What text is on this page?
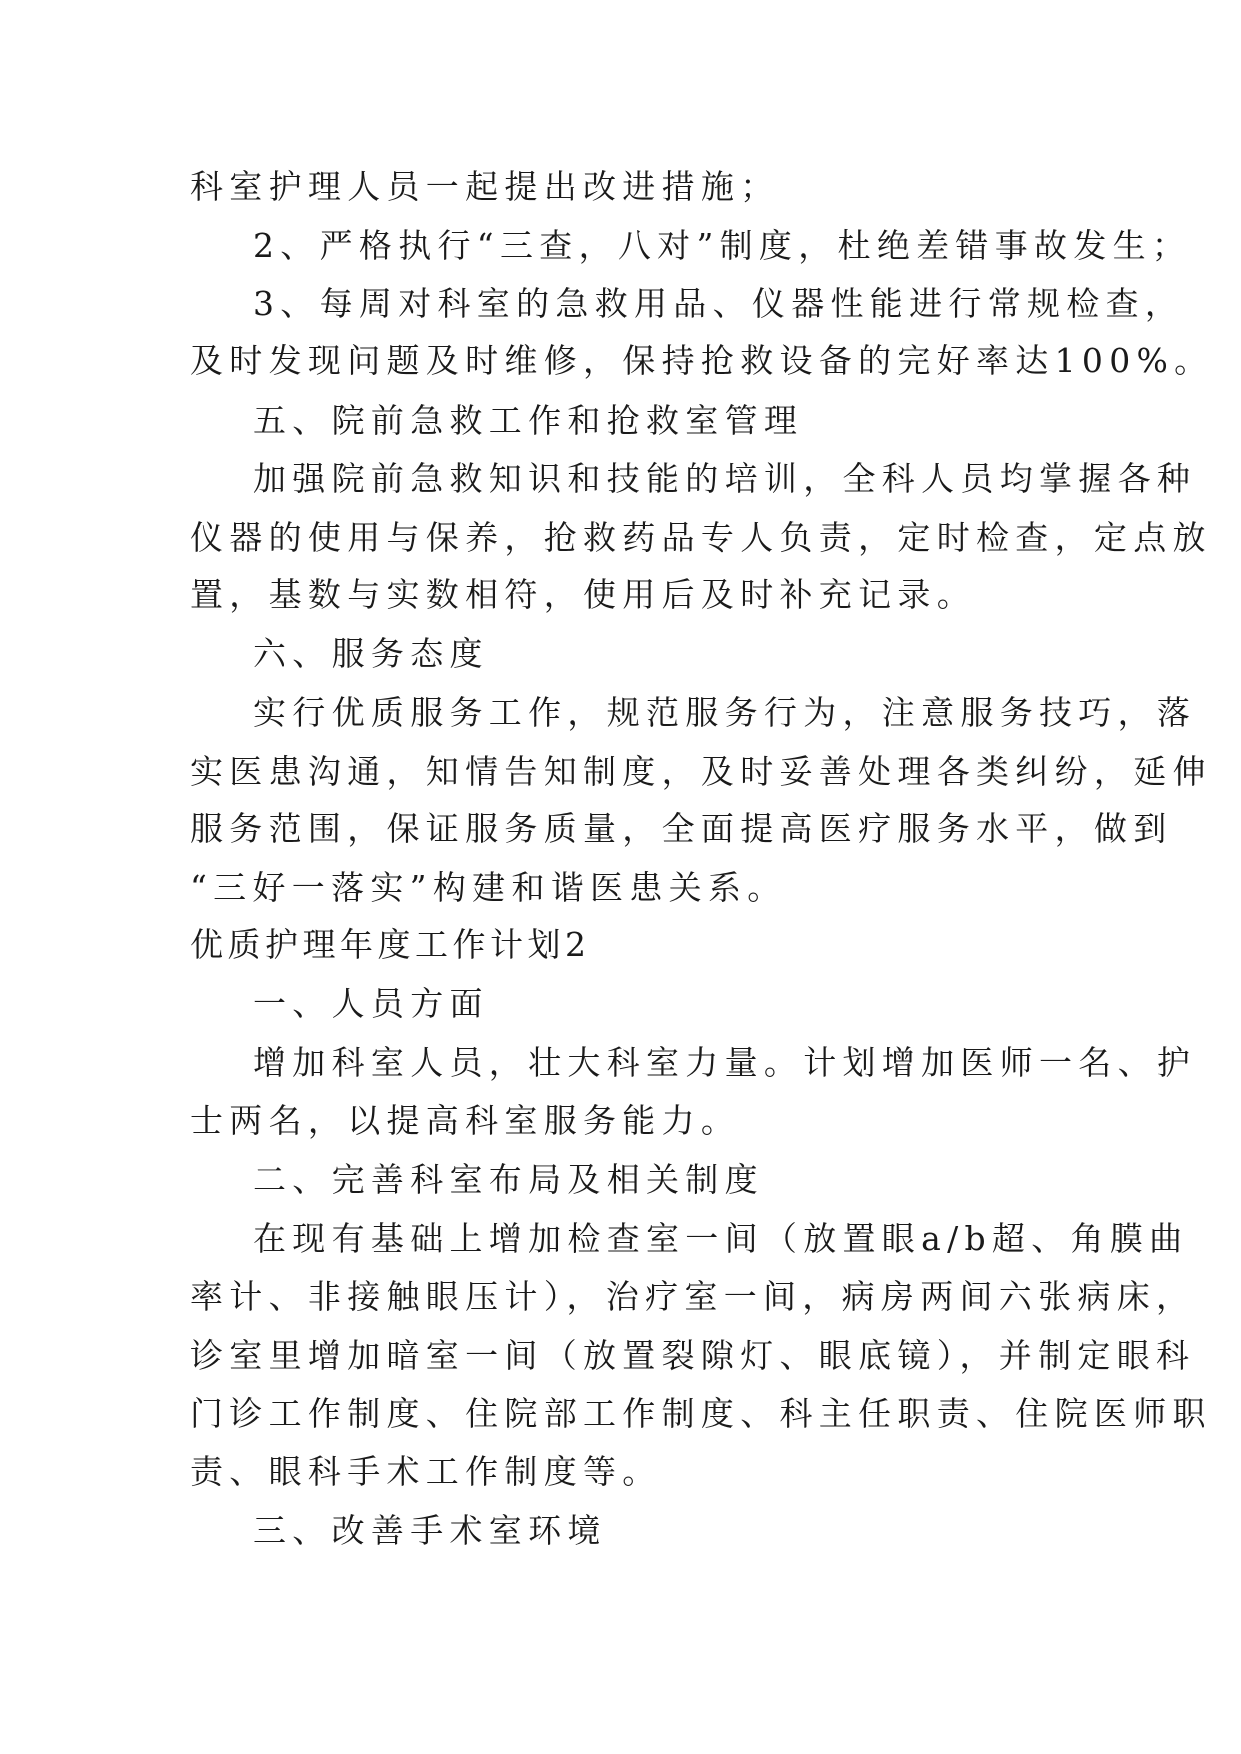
科室护理人员一起提出改进措施；
2、严格执行“三查，八对”制度，杜绝差错事故发生；
3、每周对科室的急救用品、仪器性能进行常规检查，
及时发现问题及时维修，保持抢救设备的完好率达100%。
五、院前急救工作和抢救室管理
加强院前急救知识和技能的培训，全科人员均掌握各种
仪器的使用与保养，抢救药品专人负责，定时检查，定点放
置，基数与实数相符，使用后及时补充记录。
六、服务态度
实行优质服务工作，规范服务行为，注意服务技巧，落
实医患沟通，知情告知制度，及时妥善处理各类纠纷，延伸
服务范围，保证服务质量，全面提高医疗服务水平，做到
“三好一落实”构建和谐医患关系。
优质护理年度工作计划2
一、人员方面
增加科室人员，壮大科室力量。计划增加医师一名、护
士两名，以提高科室服务能力。
二、完善科室布局及相关制度
在现有基础上增加检查室一间（放置眼a/b超、角膜曲
率计、非接触眼压计），治疗室一间，病房两间六张病床，
诊室里增加暗室一间（放置裂隙灯、眼底镜），并制定眼科
门诊工作制度、住院部工作制度、科主任职责、住院医师职
责、眼科手术工作制度等。
三、改善手术室环境
